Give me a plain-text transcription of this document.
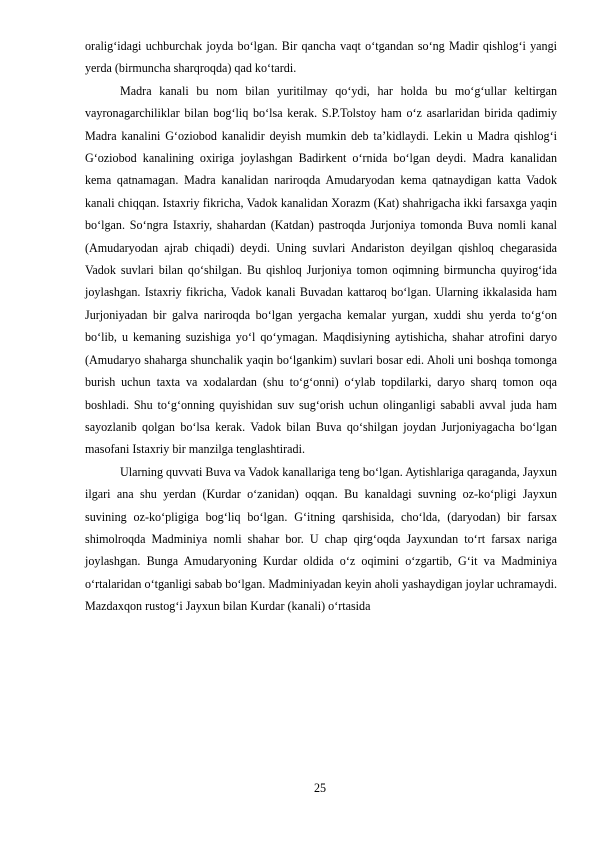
oralig‘idagi uchburchak joyda bo‘lgan. Bir qancha vaqt o‘tgandan so‘ng Madir qishlog‘i yangi yerda (birmuncha sharqroqda) qad ko‘tardi.

Madra kanali bu nom bilan yuritilmay qo‘ydi, har holda bu mo‘g‘ullar keltirgan vayronagarchiliklar bilan bog‘liq bo‘lsa kerak. S.P.Tolstoy ham o‘z asarlaridan birida qadimiy Madra kanalini G‘oziobod kanalidir deyish mumkin deb ta’kidlaydi. Lekin u Madra qishlog‘i G‘oziobod kanalining oxiriga joylashgan Badirkent o‘rnida bo‘lgan deydi. Madra kanalidan kema qatnamagan. Madra kanalidan nariroqda Amudaryodan kema qatnaydigan katta Vadok kanali chiqqan. Istaxriy fikricha, Vadok kanalidan Xorazm (Kat) shahrigacha ikki farsaxga yaqin bo‘lgan. So‘ngra Istaxriy, shahardan (Katdan) pastroqda Jurjoniya tomonda Buva nomli kanal (Amudaryodan ajrab chiqadi) deydi. Uning suvlari Andariston deyilgan qishloq chegarasida Vadok suvlari bilan qo‘shilgan. Bu qishloq Jurjoniya tomon oqimning birmuncha quyirog‘ida joylashgan. Istaxriy fikricha, Vadok kanali Buvadan kattaroq bo‘lgan. Ularning ikkalasida ham Jurjoniyadan bir galva nariroqda bo‘lgan yergacha kemalar yurgan, xuddi shu yerda to‘g‘on bo‘lib, u kemaning suzishiga yo‘l qo‘ymagan. Maqdisiyning aytishicha, shahar atrofini daryo (Amudaryo shaharga shunchalik yaqin bo‘lgankim) suvlari bosar edi. Aholi uni boshqa tomonga burish uchun taxta va xodalardan (shu to‘g‘onni) o‘ylab topdilarki, daryo sharq tomon oqa boshladi. Shu to‘g‘onning quyishidan suv sug‘orish uchun olinganligi sababli avval juda ham sayozlanib qolgan bo‘lsa kerak. Vadok bilan Buva qo‘shilgan joydan Jurjoniyagacha bo‘lgan masofani Istaxriy bir manzilga tenglashtiradi.

Ularning quvvati Buva va Vadok kanallariga teng bo‘lgan. Aytishlariga qaraganda, Jayxun ilgari ana shu yerdan (Kurdar o‘zanidan) oqqan. Bu kanaldagi suvning oz-ko‘pligi Jayxun suvining oz-ko‘pligiga bog‘liq bo‘lgan. G‘itning qarshisida, cho‘lda, (daryodan) bir farsax shimolroqda Madminiya nomli shahar bor. U chap qirg‘oqda Jayxundan to‘rt farsax nariga joylashgan. Bunga Amudaryoning Kurdar oldida o‘z oqimini o‘zgartib, G‘it va Madminiya o‘rtalaridan o‘tganligi sabab bo‘lgan. Madminiyadan keyin aholi yashaydigan joylar uchramaydi. Mazdaxqon rustog‘i Jayxun bilan Kurdar (kanali) o‘rtasida

25
